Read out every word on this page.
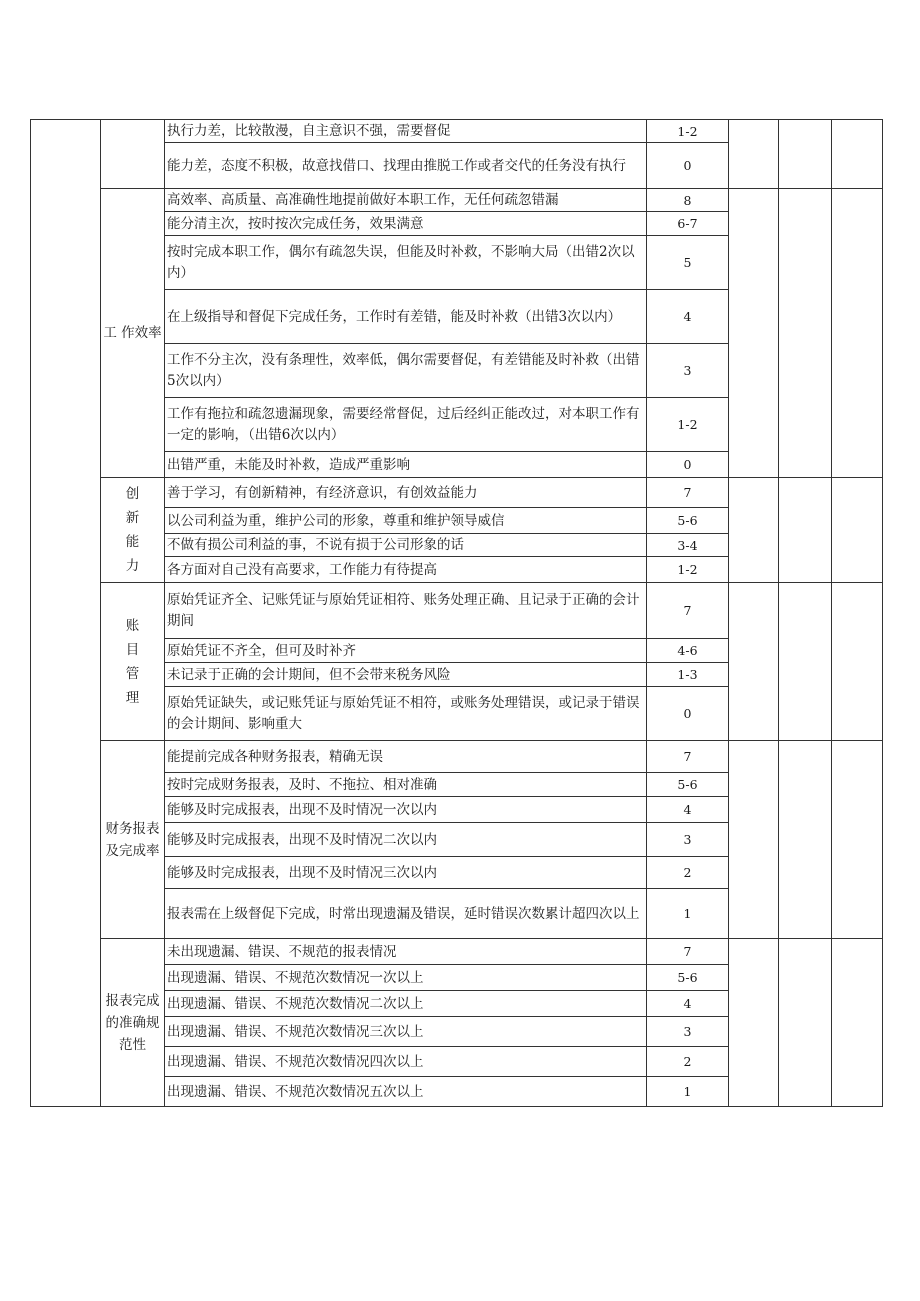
		执行力差，比较散漫，自主意识不强，需要督促	1-2			
		能力差，态度不积极，故意找借口、找理由推脱工作或者交代的任务没有执行	0			
	工 作效率	高效率、高质量、高准确性地提前做好本职工作，无任何疏忽错漏	8			
		能分清主次，按时按次完成任务，效果满意	6-7			
		按时完成本职工作，偶尔有疏忽失误，但能及时补救，不影响大局（出错2次以内）	5			
		在上级指导和督促下完成任务，工作时有差错，能及时补救（出错3次以内）	4			
		工作不分主次，没有条理性，效率低，偶尔需要督促，有差错能及时补救（出错5次以内）	3			
		工作有拖拉和疏忽遗漏现象，需要经常督促，过后经纠正能改过，对本职工作有一定的影响，（出错6次以内）	1-2			
		出错严重，未能及时补救，造成严重影响	0			
	创新能力	善于学习，有创新精神，有经济意识，有创效益能力	7			
		以公司利益为重，维护公司的形象，尊重和维护领导威信	5-6			
		不做有损公司利益的事，不说有损于公司形象的话	3-4			
		各方面对自己没有高要求，工作能力有待提高	1-2			
	账目管理	原始凭证齐全、记账凭证与原始凭证相符、账务处理正确、且记录于正确的会计期间	7			
		原始凭证不齐全，但可及时补齐	4-6			
		未记录于正确的会计期间，但不会带来税务风险	1-3			
		原始凭证缺失，或记账凭证与原始凭证不相符，或账务处理错误，或记录于错误的会计期间、影响重大	0			
	财务报表及完成率	能提前完成各种财务报表，精确无误	7			
		按时完成财务报表，及时、不拖拉、相对准确	5-6			
		能够及时完成报表，出现不及时情况一次以内	4			
		能够及时完成报表，出现不及时情况二次以内	3			
		能够及时完成报表，出现不及时情况三次以内	2			
		报表需在上级督促下完成，时常出现遗漏及错误，延时错误次数累计超四次以上	1			
	报表完成的准确规范性	未出现遗漏、错误、不规范的报表情况	7			
		出现遗漏、错误、不规范次数情况一次以上	5-6			
		出现遗漏、错误、不规范次数情况二次以上	4			
		出现遗漏、错误、不规范次数情况三次以上	3			
		出现遗漏、错误、不规范次数情况四次以上	2			
		出现遗漏、错误、不规范次数情况五次以上	1			
